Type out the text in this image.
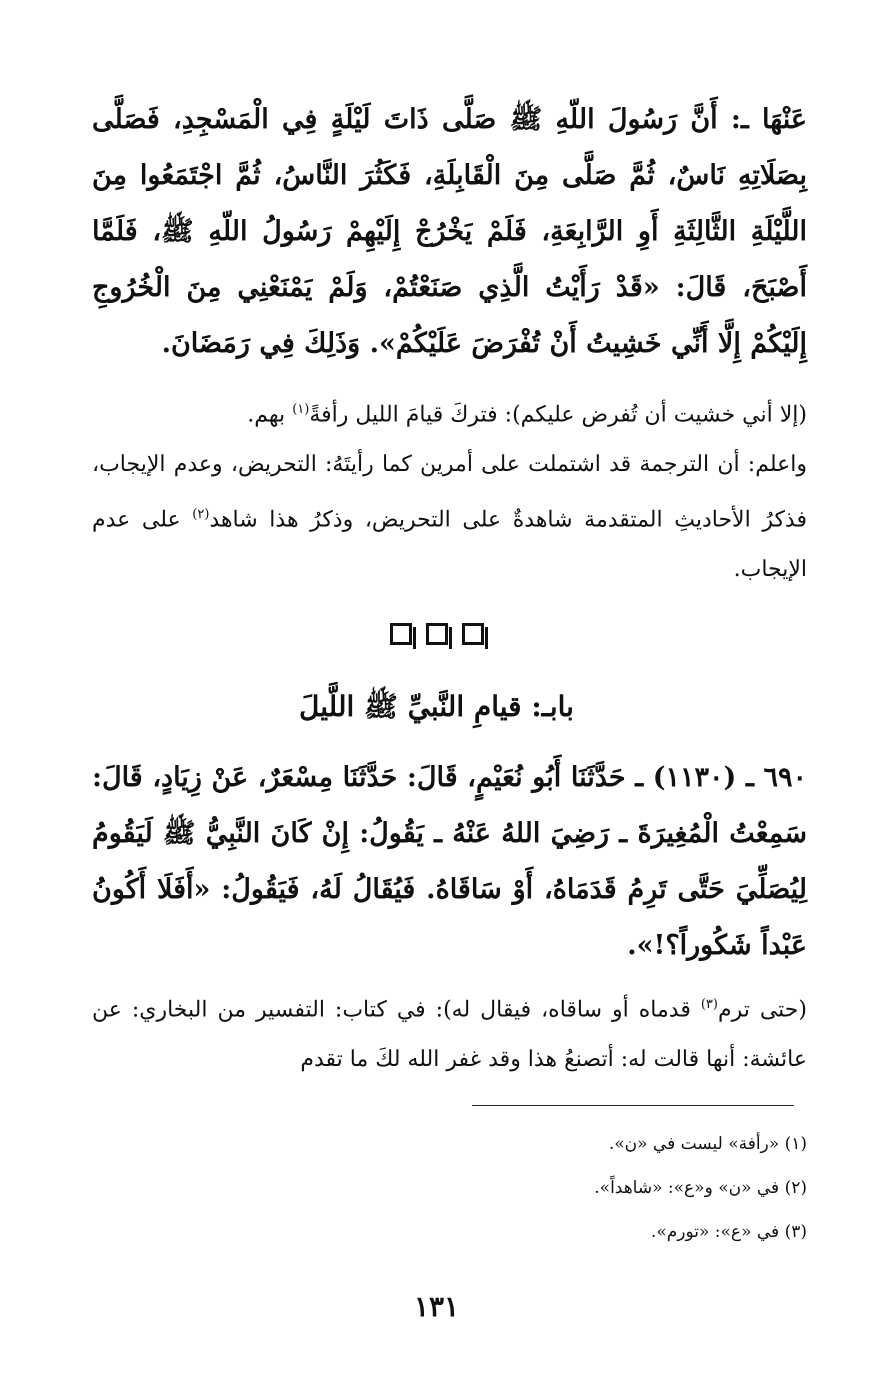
عَنْهَا ـ: أَنَّ رَسُولَ اللّهِ ﷺ صَلَّى ذَاتَ لَيْلَةٍ فِي الْمَسْجِدِ، فَصَلَّى بِصَلَاتِهِ نَاسٌ، ثُمَّ صَلَّى مِنَ الْقَابِلَةِ، فَكَثُرَ النَّاسُ، ثُمَّ اجْتَمَعُوا مِنَ اللَّيْلَةِ الثَّالِثَةِ أَوِ الرَّابِعَةِ، فَلَمْ يَخْرُجْ إِلَيْهِمْ رَسُولُ اللّهِ ﷺ، فَلَمَّا أَصْبَحَ، قَالَ: «قَدْ رَأَيْتُ الَّذِي صَنَعْتُمْ، وَلَمْ يَمْنَعْنِي مِنَ الْخُرُوجِ إِلَيْكُمْ إِلَّا أَنِّي خَشِيتُ أَنْ تُفْرَضَ عَلَيْكُمْ». وَذَلِكَ فِي رَمَضَانَ.
(إلا أني خشيت أن تُفرض عليكم): فتركَ قيامَ الليل رأفةً$^{(١)}$ بهم.
واعلم: أن الترجمة قد اشتملت على أمرين كما رأيتَهُ: التحريض، وعدم الإيجاب، فذكرُ الأحاديثِ المتقدمة شاهدةٌ على التحريض، وذكرُ هذا شاهد$^{(٢)}$ على عدم الإيجاب.
بابـ: قيامِ النَّبيِّ ﷺ اللَّيلَ
٦٩٠ ـ (١١٣٠) ـ حَدَّثَنَا أَبُو نُعَيْمٍ، قَالَ: حَدَّثَنَا مِسْعَرٌ، عَنْ زِيَادٍ، قَالَ: سَمِعْتُ الْمُغِيرَةَ ـ رَضِيَ اللهُ عَنْهُ ـ يَقُولُ: إِنْ كَانَ النَّبِيُّ ﷺ لَيَقُومُ لِيُصَلِّيَ حَتَّى تَرِمُ قَدَمَاهُ، أَوْ سَاقَاهُ. فَيُقَالُ لَهُ، فَيَقُولُ: «أَفَلَا أَكُونُ عَبْداً شَكُوراً؟!».
(حتى ترم$^{(٣)}$ قدماه أو ساقاه، فيقال له): في كتاب: التفسير من البخاري: عن عائشة: أنها قالت له: أتصنعُ هذا وقد غفر الله لكَ ما تقدم
(١) «رأفة» ليست في «ن».
(٢) في «ن» و«ع»: «شاهداً».
(٣) في «ع»: «تورم».
١٣١
